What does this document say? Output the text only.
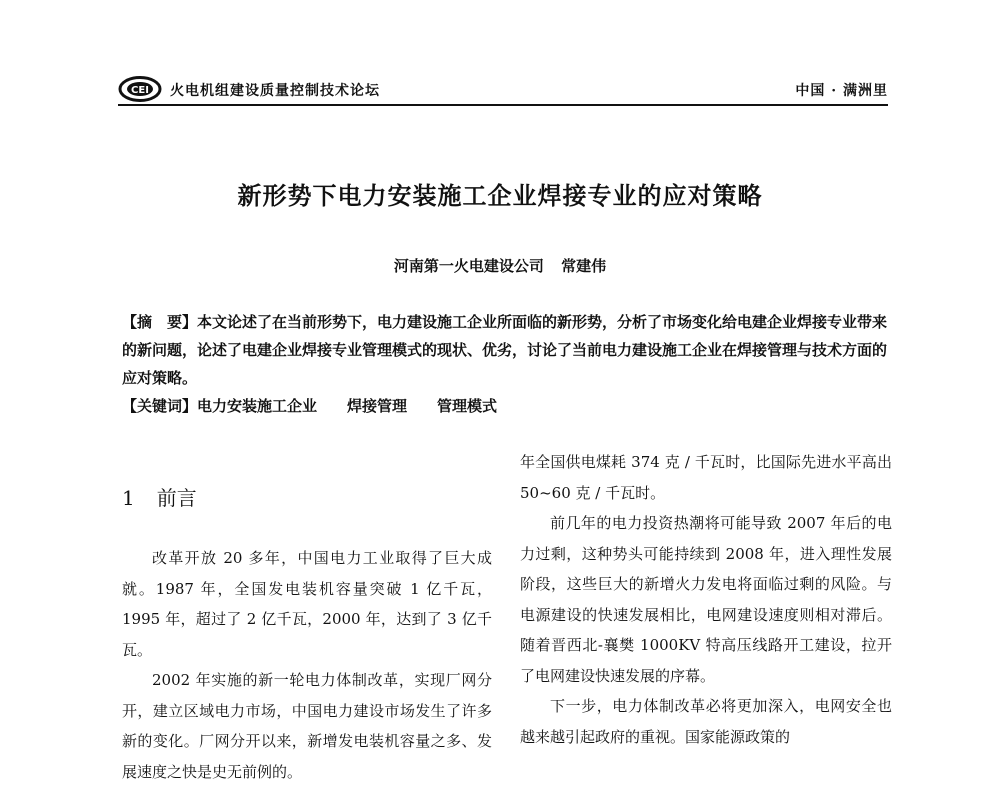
CEI 火电机组建设质量控制技术论坛	中国 · 满洲里
新形势下电力安装施工企业焊接专业的应对策略
河南第一火电建设公司 常建伟

【摘　要】本文论述了在当前形势下，电力建设施工企业所面临的新形势，分析了市场变化给电建企业焊接专业带来的新问题，论述了电建企业焊接专业管理模式的现状、优劣，讨论了当前电力建设施工企业在焊接管理与技术方面的应对策略。

【关键词】电力安装施工企业　　焊接管理　　管理模式

1 前言

改革开放 20 多年，中国电力工业取得了巨大成就。1987 年，全国发电装机容量突破 1 亿千瓦，1995 年，超过了 2 亿千瓦，2000 年，达到了 3 亿千瓦。

2002 年实施的新一轮电力体制改革，实现厂网分开，建立区域电力市场，中国电力建设市场发生了许多新的变化。厂网分开以来，新增发电装机容量之多、发展速度之快是史无前例的。

年全国供电煤耗 374 克 / 千瓦时，比国际先进水平高出 50~60 克 / 千瓦时。

前几年的电力投资热潮将可能导致 2007 年后的电力过剩，这种势头可能持续到 2008 年，进入理性发展阶段，这些巨大的新增火力发电将面临过剩的风险。与电源建设的快速发展相比，电网建设速度则相对滞后。随着晋西北-襄樊 1000KV 特高压线路开工建设，拉开了电网建设快速发展的序幕。

下一步，电力体制改革必将更加深入，电网安全也越来越引起政府的重视。国家能源政策的
